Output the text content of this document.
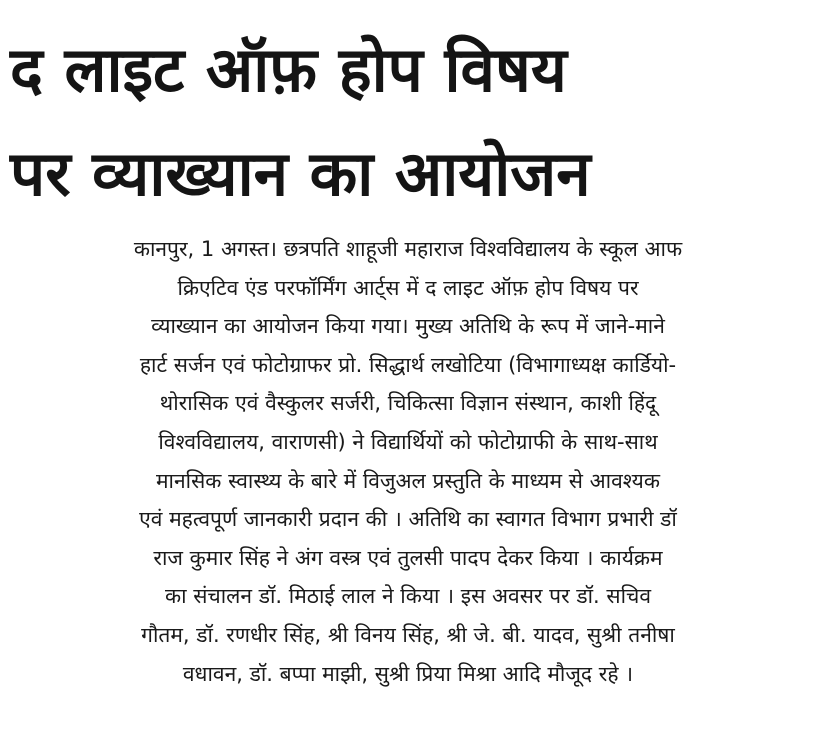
द लाइट ऑफ़ होप विषय
पर व्याख्यान का आयोजन
कानपुर, 1 अगस्त। छत्रपति शाहूजी महाराज विश्वविद्यालय के स्कूल आफ
क्रिएटिव एंड परफॉर्मिंग आर्ट्स में द लाइट ऑफ़ होप विषय पर
व्याख्यान का आयोजन किया गया। मुख्य अतिथि के रूप में जाने-माने
हार्ट सर्जन एवं फोटोग्राफर प्रो. सिद्धार्थ लखोटिया (विभागाध्यक्ष कार्डियो-
थोरासिक एवं वैस्कुलर सर्जरी, चिकित्सा विज्ञान संस्थान, काशी हिंदू
विश्वविद्यालय, वाराणसी) ने विद्यार्थियों को फोटोग्राफी के साथ-साथ
मानसिक स्वास्थ्य के बारे में विजुअल प्रस्तुति के माध्यम से आवश्यक
एवं महत्वपूर्ण जानकारी प्रदान की । अतिथि का स्वागत विभाग प्रभारी डॉ
राज कुमार सिंह ने अंग वस्त्र एवं तुलसी पादप देकर किया । कार्यक्रम
का संचालन डॉ. मिठाई लाल ने किया । इस अवसर पर डॉ. सचिव
गौतम, डॉ. रणधीर सिंह, श्री विनय सिंह, श्री जे. बी. यादव, सुश्री तनीषा
वधावन, डॉ. बप्पा माझी, सुश्री प्रिया मिश्रा आदि मौजूद रहे ।
